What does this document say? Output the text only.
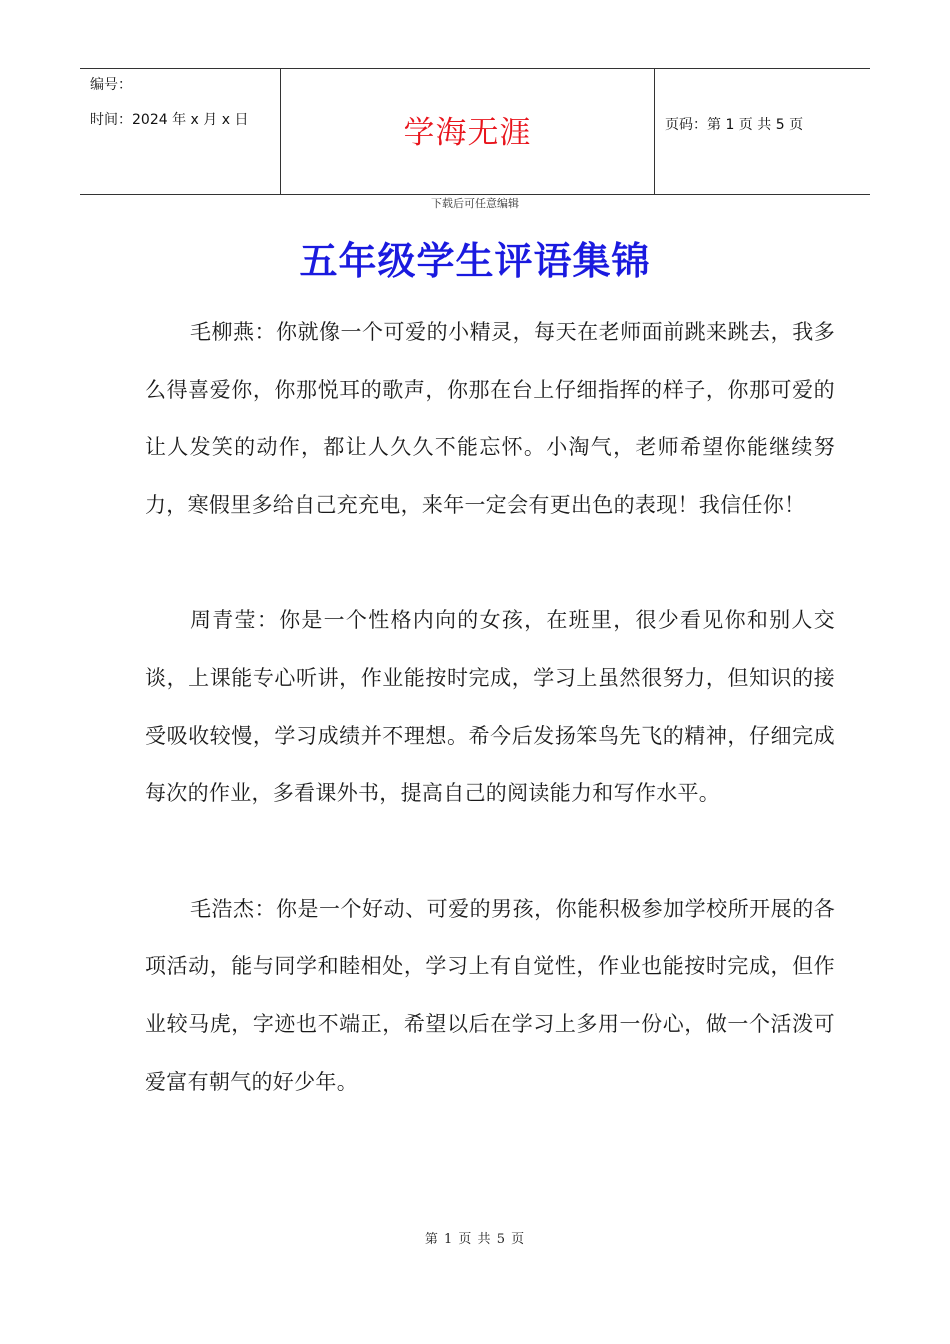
编号：
时间：2024 年 x 月 x 日	学海无涯	页码：第 1 页 共 5 页
下载后可任意编辑
五年级学生评语集锦

毛柳燕：你就像一个可爱的小精灵，每天在老师面前跳来跳去，我多么得喜爱你，你那悦耳的歌声，你那在台上仔细指挥的样子，你那可爱的让人发笑的动作，都让人久久不能忘怀。小淘气，老师希望你能继续努力，寒假里多给自己充充电，来年一定会有更出色的表现！我信任你！

周青莹：你是一个性格内向的女孩，在班里，很少看见你和别人交谈，上课能专心听讲，作业能按时完成，学习上虽然很努力，但知识的接受吸收较慢，学习成绩并不理想。希今后发扬笨鸟先飞的精神，仔细完成每次的作业，多看课外书，提高自己的阅读能力和写作水平。

毛浩杰：你是一个好动、可爱的男孩，你能积极参加学校所开展的各项活动，能与同学和睦相处，学习上有自觉性，作业也能按时完成，但作业较马虎，字迹也不端正，希望以后在学习上多用一份心，做一个活泼可爱富有朝气的好少年。

第 1 页 共 5 页
